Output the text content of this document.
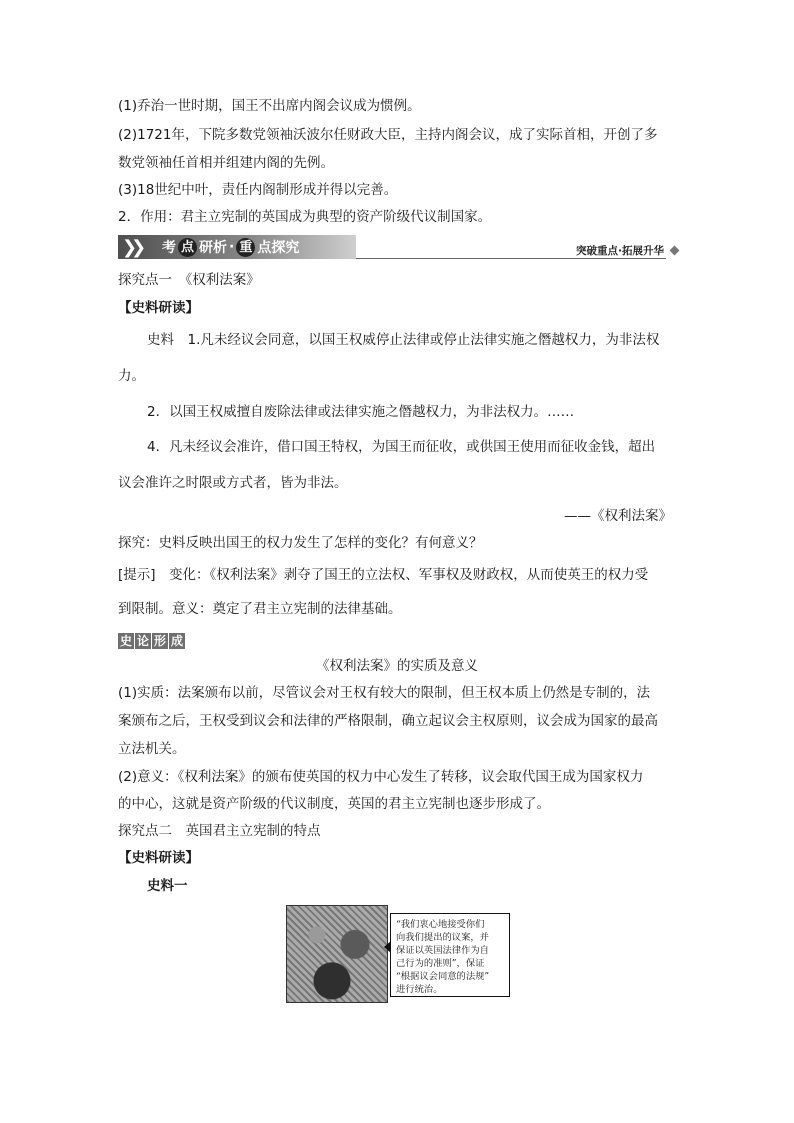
(1)乔治一世时期，国王不出席内阁会议成为惯例。
(2)1721年，下院多数党领袖沃波尔任财政大臣，主持内阁会议，成了实际首相，开创了多
数党领袖任首相并组建内阁的先例。
(3)18世纪中叶，责任内阁制形成并得以完善。
2．作用：君主立宪制的英国成为典型的资产阶级代议制国家。
❯❯ 考 点 研析 · 重 点探究	突破重点·拓展升华
探究点一　《权利法案》
【史料研读】
史料　1.凡未经议会同意，以国王权威停止法律或停止法律实施之僭越权力，为非法权
力。
2．以国王权威擅自废除法律或法律实施之僭越权力，为非法权力。……
4．凡未经议会准许，借口国王特权，为国王而征收，或供国王使用而征收金钱，超出
议会准许之时限或方式者，皆为非法。
——《权利法案》
探究：史料反映出国王的权力发生了怎样的变化？有何意义？
[提示]　变化：《权利法案》剥夺了国王的立法权、军事权及财政权，从而使英王的权力受
到限制。意义：奠定了君主立宪制的法律基础。
史 论 形 成
《权利法案》的实质及意义
(1)实质：法案颁布以前，尽管议会对王权有较大的限制，但王权本质上仍然是专制的，法
案颁布之后，王权受到议会和法律的严格限制，确立起议会主权原则，议会成为国家的最高
立法机关。
(2)意义：《权利法案》的颁布使英国的权力中心发生了转移，议会取代国王成为国家权力
的中心，这就是资产阶级的代议制度，英国的君主立宪制也逐步形成了。
探究点二　英国君主立宪制的特点
【史料研读】
史料一
“我们衷心地接受你们
向我们提出的议案，并
保证以英国法律作为自
己行为的准则”，保证
“根据议会同意的法规”
进行统治。
